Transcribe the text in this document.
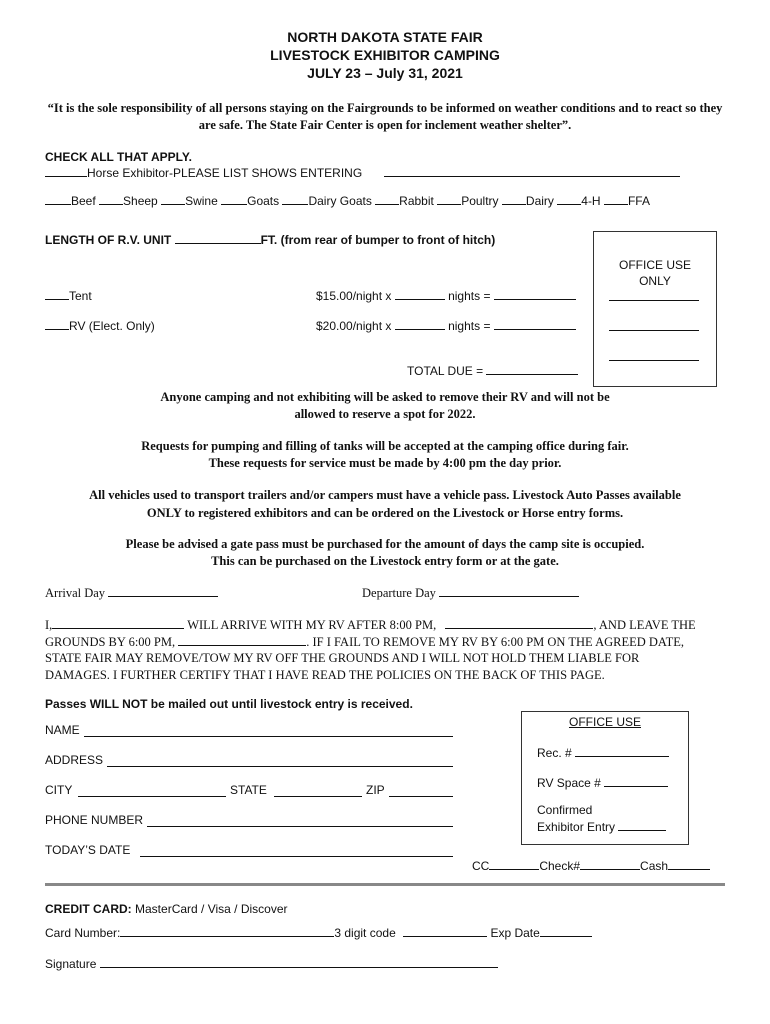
NORTH DAKOTA STATE FAIR
LIVESTOCK EXHIBITOR CAMPING
JULY 23 – July 31, 2021
“It is the sole responsibility of all persons staying on the Fairgrounds to be informed on weather conditions and to react so they are safe. The State Fair Center is open for inclement weather shelter”.
CHECK ALL THAT APPLY.
Horse Exhibitor-PLEASE LIST SHOWS ENTERING
Beef Sheep Swine Goats Dairy Goats Rabbit Poultry Dairy 4-H FFA
LENGTH OF R.V. UNIT	FT. (from rear of bumper to front of hitch)
OFFICE USE
ONLY
Tent	$15.00/night x	nights =
RV (Elect. Only)	$20.00/night x	nights =
TOTAL DUE =
Anyone camping and not exhibiting will be asked to remove their RV and will not be
allowed to reserve a spot for 2022.
Requests for pumping and filling of tanks will be accepted at the camping office during fair.
These requests for service must be made by 4:00 pm the day prior.
All vehicles used to transport trailers and/or campers must have a vehicle pass. Livestock Auto Passes available
ONLY to registered exhibitors and can be ordered on the Livestock or Horse entry forms.
Please be advised a gate pass must be purchased for the amount of days the camp site is occupied.
This can be purchased on the Livestock entry form or at the gate.
Arrival Day	Departure Day
I,	WILL ARRIVE WITH MY RV AFTER 8:00 PM,	, AND LEAVE THE
GROUNDS BY 6:00 PM,	. IF I FAIL TO REMOVE MY RV BY 6:00 PM ON THE AGREED DATE,
STATE FAIR MAY REMOVE/TOW MY RV OFF THE GROUNDS AND I WILL NOT HOLD THEM LIABLE FOR
DAMAGES. I FURTHER CERTIFY THAT I HAVE READ THE POLICIES ON THE BACK OF THIS PAGE.
Passes WILL NOT be mailed out until livestock entry is received.
NAME
ADDRESS
CITY	STATE	ZIP
PHONE NUMBER
TODAY’S DATE
OFFICE USE
Rec. #
RV Space #
Confirmed
Exhibitor Entry
CC	Check#	Cash
CREDIT CARD: MasterCard / Visa / Discover
Card Number:	3 digit code	Exp Date
Signature
